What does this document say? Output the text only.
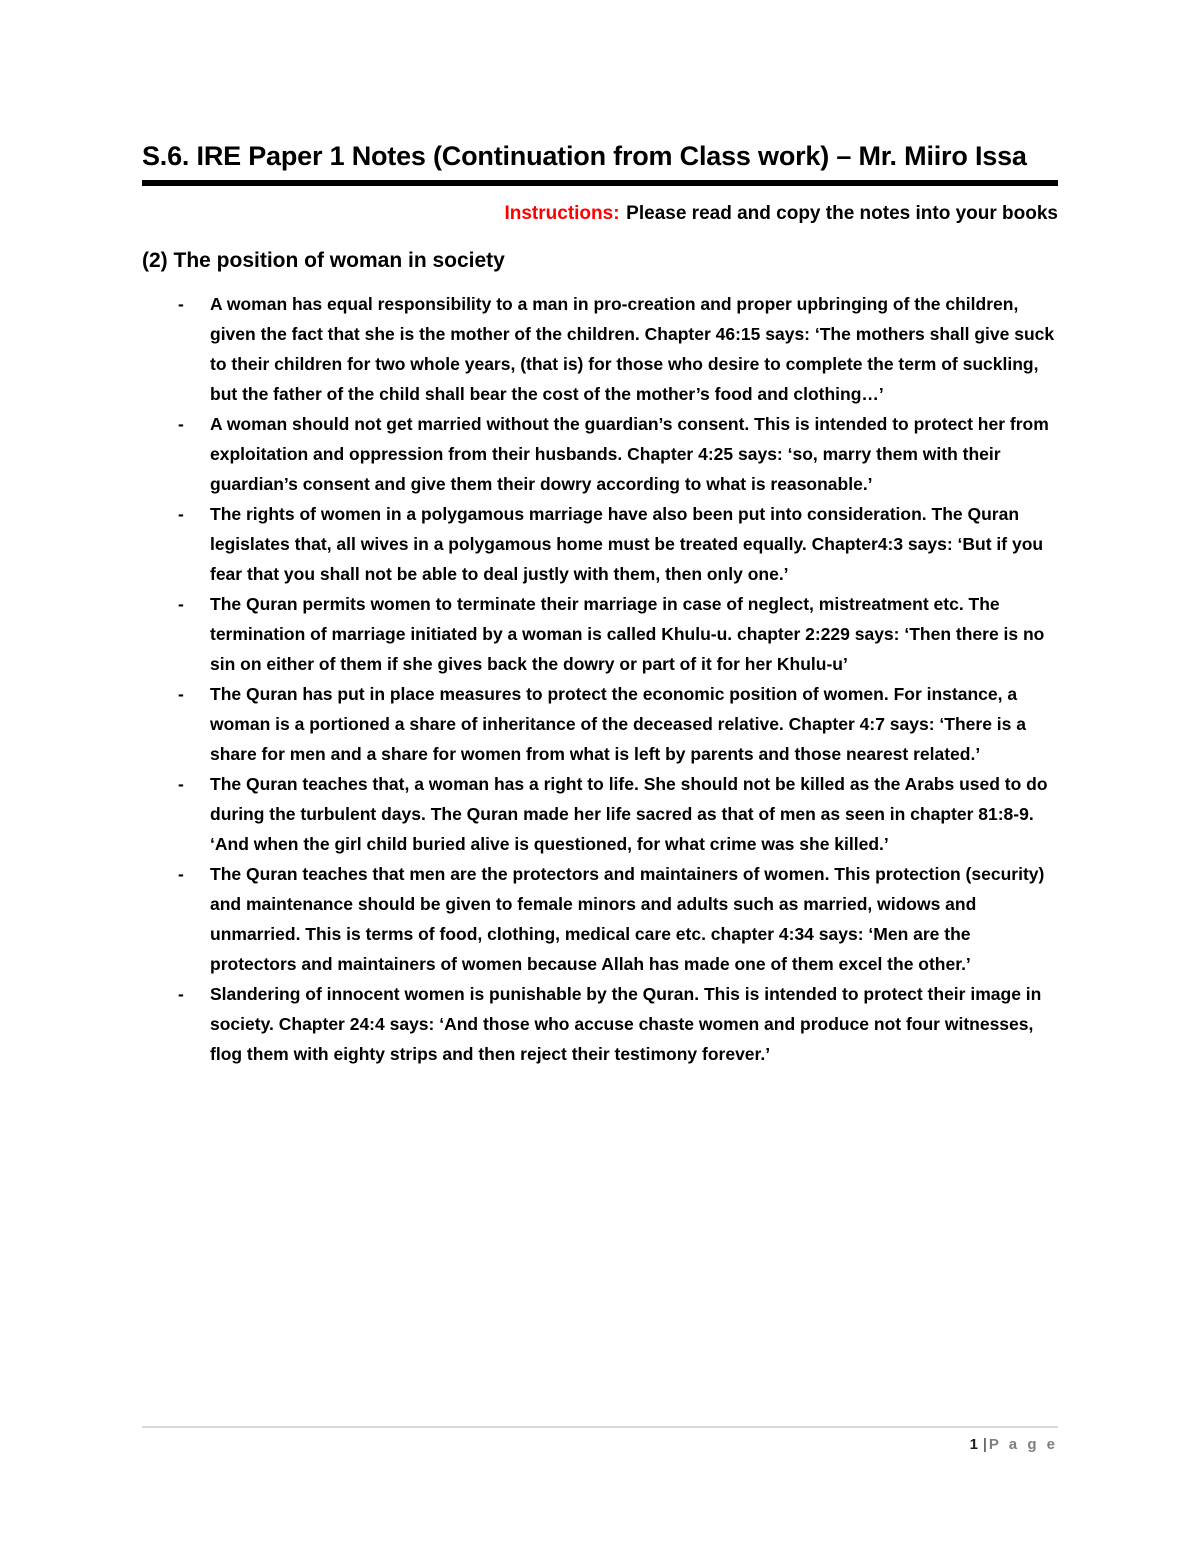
S.6. IRE Paper 1 Notes (Continuation from Class work) – Mr. Miiro Issa

Instructions: Please read and copy the notes into your books

(2) The position of woman in society
-	A woman has equal responsibility to a man in pro-creation and proper upbringing of the children, given the fact that she is the mother of the children. Chapter 46:15 says: ‘The mothers shall give suck to their children for two whole years, (that is) for those who desire to complete the term of suckling, but the father of the child shall bear the cost of the mother’s food and clothing…’
-	A woman should not get married without the guardian’s consent. This is intended to protect her from exploitation and oppression from their husbands. Chapter 4:25 says: ‘so, marry them with their guardian’s consent and give them their dowry according to what is reasonable.’
-	The rights of women in a polygamous marriage have also been put into consideration. The Quran legislates that, all wives in a polygamous home must be treated equally. Chapter4:3 says: ‘But if you fear that you shall not be able to deal justly with them, then only one.’
-	The Quran permits women to terminate their marriage in case of neglect, mistreatment etc. The termination of marriage initiated by a woman is called Khulu-u. chapter 2:229 says: ‘Then there is no sin on either of them if she gives back the dowry or part of it for her Khulu-u’
-	The Quran has put in place measures to protect the economic position of women. For instance, a woman is a portioned a share of inheritance of the deceased relative. Chapter 4:7 says: ‘There is a share for men and a share for women from what is left by parents and those nearest related.’
-	The Quran teaches that, a woman has a right to life. She should not be killed as the Arabs used to do during the turbulent days. The Quran made her life sacred as that of men as seen in chapter 81:8-9. ‘And when the girl child buried alive is questioned, for what crime was she killed.’
-	The Quran teaches that men are the protectors and maintainers of women. This protection (security) and maintenance should be given to female minors and adults such as married, widows and unmarried. This is terms of food, clothing, medical care etc. chapter 4:34 says: ‘Men are the protectors and maintainers of women because Allah has made one of them excel the other.’
-	Slandering of innocent women is punishable by the Quran. This is intended to protect their image in society. Chapter 24:4 says: ‘And those who accuse chaste women and produce not four witnesses, flog them with eighty strips and then reject their testimony forever.’
1 | P a g e
